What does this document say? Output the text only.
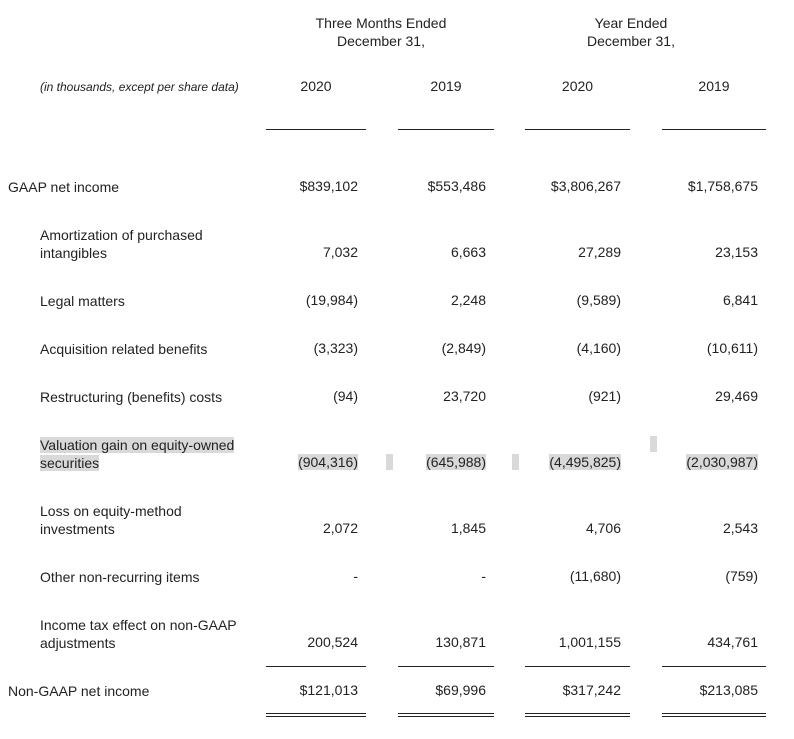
Three Months Ended
December 31,
Year Ended
December 31,
(in thousands, except per share data)	2020	2019	2020	2019
GAAP net income	$839,102	$553,486	$3,806,267	$1,758,675
Amortization of purchased
intangibles	7,032	6,663	27,289	23,153
Legal matters	(19,984)	2,248	(9,589)	6,841
Acquisition related benefits	(3,323)	(2,849)	(4,160)	(10,611)
Restructuring (benefits) costs	(94)	23,720	(921)	29,469
Valuation gain on equity-owned
securities	(904,316)	(645,988)	(4,495,825)	(2,030,987)
Loss on equity-method
investments	2,072	1,845	4,706	2,543
Other non-recurring items	-	-	(11,680)	(759)
Income tax effect on non-GAAP
adjustments	200,524	130,871	1,001,155	434,761
Non-GAAP net income	$121,013	$69,996	$317,242	$213,085
